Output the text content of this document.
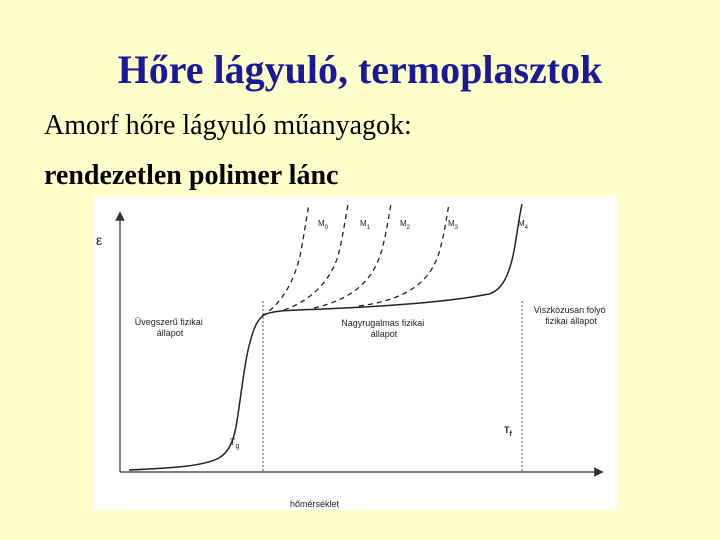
Hőre lágyuló, termoplasztok
Amorf hőre lágyuló műanyagok:
rendezetlen polimer lánc
ε
hőmérséklet
$M_0$	$M_1$	$M_2$	$M_3$	$M_4$
Üvegszerű fizikai állapot
Nagyrugalmas fizikai állapot
Viszkózusan folyó fizikai állapot
$T_g$
$T_f$
